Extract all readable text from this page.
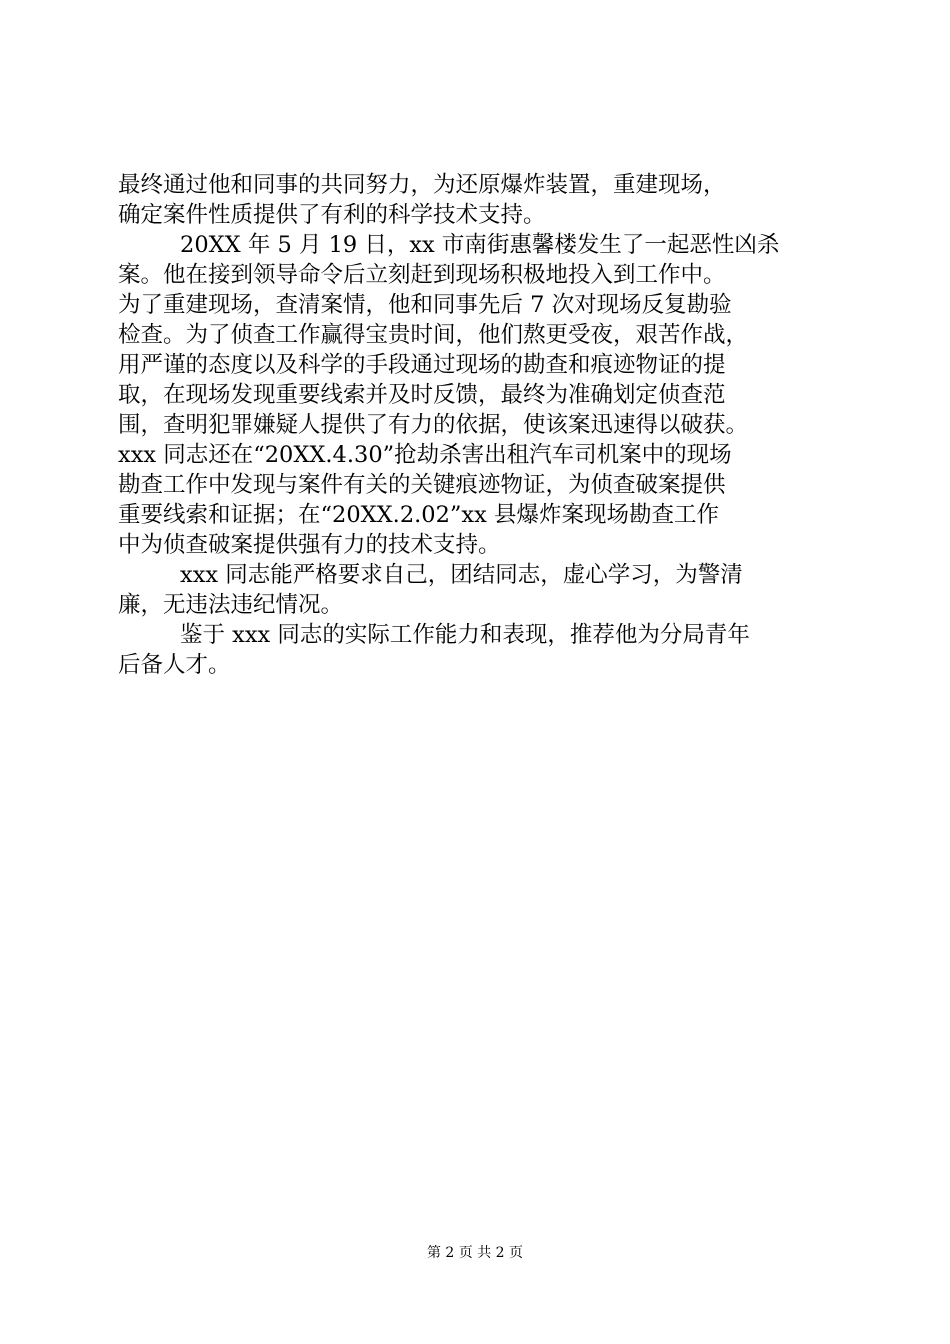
最终通过他和同事的共同努力，为还原爆炸装置，重建现场，
确定案件性质提供了有利的科学技术支持。
20XX 年 5 月 19 日，xx 市南街惠馨楼发生了一起恶性凶杀
案。他在接到领导命令后立刻赶到现场积极地投入到工作中。
为了重建现场，查清案情，他和同事先后 7 次对现场反复勘验
检查。为了侦查工作赢得宝贵时间，他们熬更受夜，艰苦作战，
用严谨的态度以及科学的手段通过现场的勘查和痕迹物证的提
取，在现场发现重要线索并及时反馈，最终为准确划定侦查范
围，查明犯罪嫌疑人提供了有力的依据，使该案迅速得以破获。
xxx 同志还在“20XX.4.30”抢劫杀害出租汽车司机案中的现场
勘查工作中发现与案件有关的关键痕迹物证，为侦查破案提供
重要线索和证据；在“20XX.2.02”xx 县爆炸案现场勘查工作
中为侦查破案提供强有力的技术支持。
xxx 同志能严格要求自己，团结同志，虚心学习，为警清
廉，无违法违纪情况。
鉴于 xxx 同志的实际工作能力和表现，推荐他为分局青年
后备人才。
第 2 页 共 2 页
